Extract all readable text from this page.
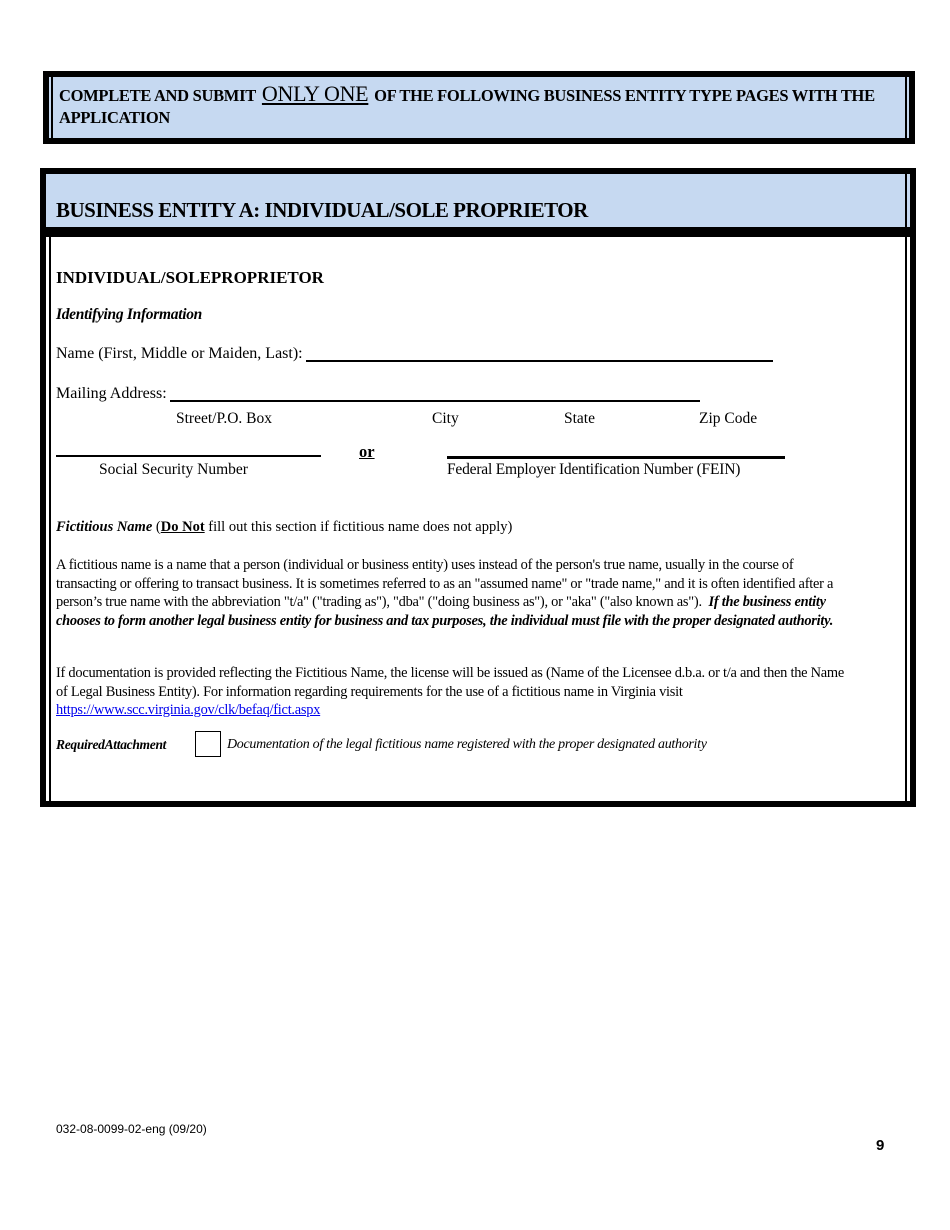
COMPLETE AND SUBMIT ONLY ONE OF THE FOLLOWING BUSINESS ENTITY TYPE PAGES WITH THE APPLICATION
BUSINESS ENTITY A: INDIVIDUAL/SOLE PROPRIETOR
INDIVIDUAL/SOLEPROPRIETOR
Identifying Information
Name (First, Middle or Maiden, Last):
Mailing Address:
Street/P.O. Box	City	State	Zip Code
or
Social Security Number	Federal Employer Identification Number (FEIN)
Fictitious Name (Do Not fill out this section if fictitious name does not apply)
A fictitious name is a name that a person (individual or business entity) uses instead of the person's true name, usually in the course of transacting or offering to transact business. It is sometimes referred to as an "assumed name" or "trade name," and it is often identified after a person’s true name with the abbreviation "t/a" ("trading as"), "dba" ("doing business as"), or "aka" ("also known as"). If the business entity chooses to form another legal business entity for business and tax purposes, the individual must file with the proper designated authority.
If documentation is provided reflecting the Fictitious Name, the license will be issued as (Name of the Licensee d.b.a. or t/a and then the Name of Legal Business Entity). For information regarding requirements for the use of a fictitious name in Virginia visit
https://www.scc.virginia.gov/clk/befaq/fict.aspx
RequiredAttachment	Documentation of the legal fictitious name registered with the proper designated authority
032-08-0099-02-eng (09/20)
9
